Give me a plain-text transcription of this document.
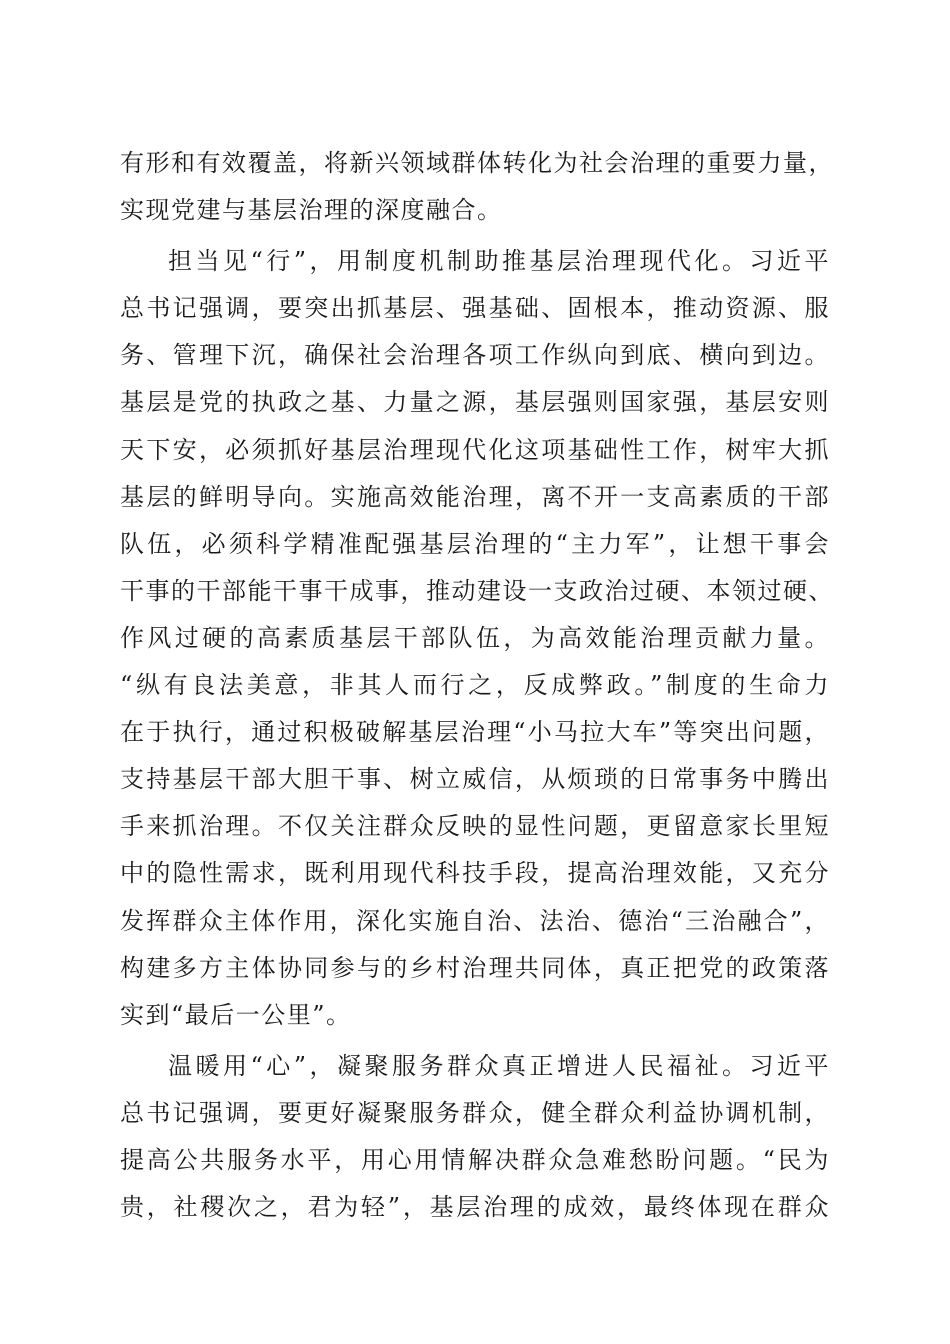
有形和有效覆盖，将新兴领域群体转化为社会治理的重要力量，
实现党建与基层治理的深度融合。
担当见“行”，用制度机制助推基层治理现代化。习近平
总书记强调，要突出抓基层、强基础、固根本，推动资源、服
务、管理下沉，确保社会治理各项工作纵向到底、横向到边。
基层是党的执政之基、力量之源，基层强则国家强，基层安则
天下安，必须抓好基层治理现代化这项基础性工作，树牢大抓
基层的鲜明导向。实施高效能治理，离不开一支高素质的干部
队伍，必须科学精准配强基层治理的“主力军”，让想干事会
干事的干部能干事干成事，推动建设一支政治过硬、本领过硬、
作风过硬的高素质基层干部队伍，为高效能治理贡献力量。
“纵有良法美意，非其人而行之，反成弊政。”制度的生命力
在于执行，通过积极破解基层治理“小马拉大车”等突出问题，
支持基层干部大胆干事、树立威信，从烦琐的日常事务中腾出
手来抓治理。不仅关注群众反映的显性问题，更留意家长里短
中的隐性需求，既利用现代科技手段，提高治理效能，又充分
发挥群众主体作用，深化实施自治、法治、德治“三治融合”，
构建多方主体协同参与的乡村治理共同体，真正把党的政策落
实到“最后一公里”。
温暖用“心”，凝聚服务群众真正增进人民福祉。习近平
总书记强调，要更好凝聚服务群众，健全群众利益协调机制，
提高公共服务水平，用心用情解决群众急难愁盼问题。“民为
贵，社稷次之，君为轻”，基层治理的成效，最终体现在群众
